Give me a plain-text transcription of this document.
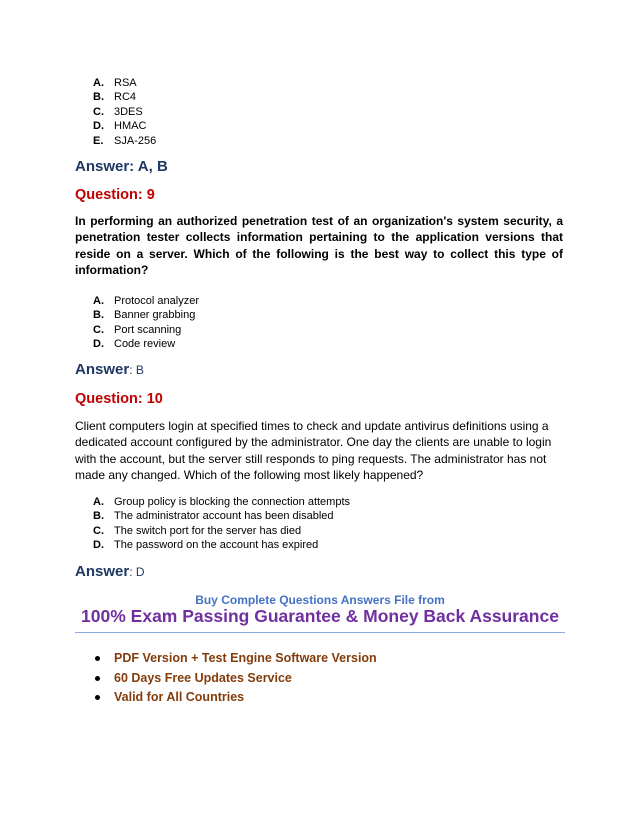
A. RSA
B. RC4
C. 3DES
D. HMAC
E. SJA-256
Answer: A, B
Question: 9

In performing an authorized penetration test of an organization's system security, a penetration tester collects information pertaining to the application versions that reside on a server. Which of the following is the best way to collect this type of information?

A. Protocol analyzer
B. Banner grabbing
C. Port scanning
D. Code review
Answer: B
Question: 10

Client computers login at specified times to check and update antivirus definitions using a dedicated account configured by the administrator. One day the clients are unable to login with the account, but the server still responds to ping requests. The administrator has not made any changed. Which of the following most likely happened?

A. Group policy is blocking the connection attempts
B. The administrator account has been disabled
C. The switch port for the server has died
D. The password on the account has expired
Answer: D
Buy Complete Questions Answers File from
100% Exam Passing Guarantee & Money Back Assurance
PDF Version + Test Engine Software Version
60 Days Free Updates Service
Valid for All Countries
